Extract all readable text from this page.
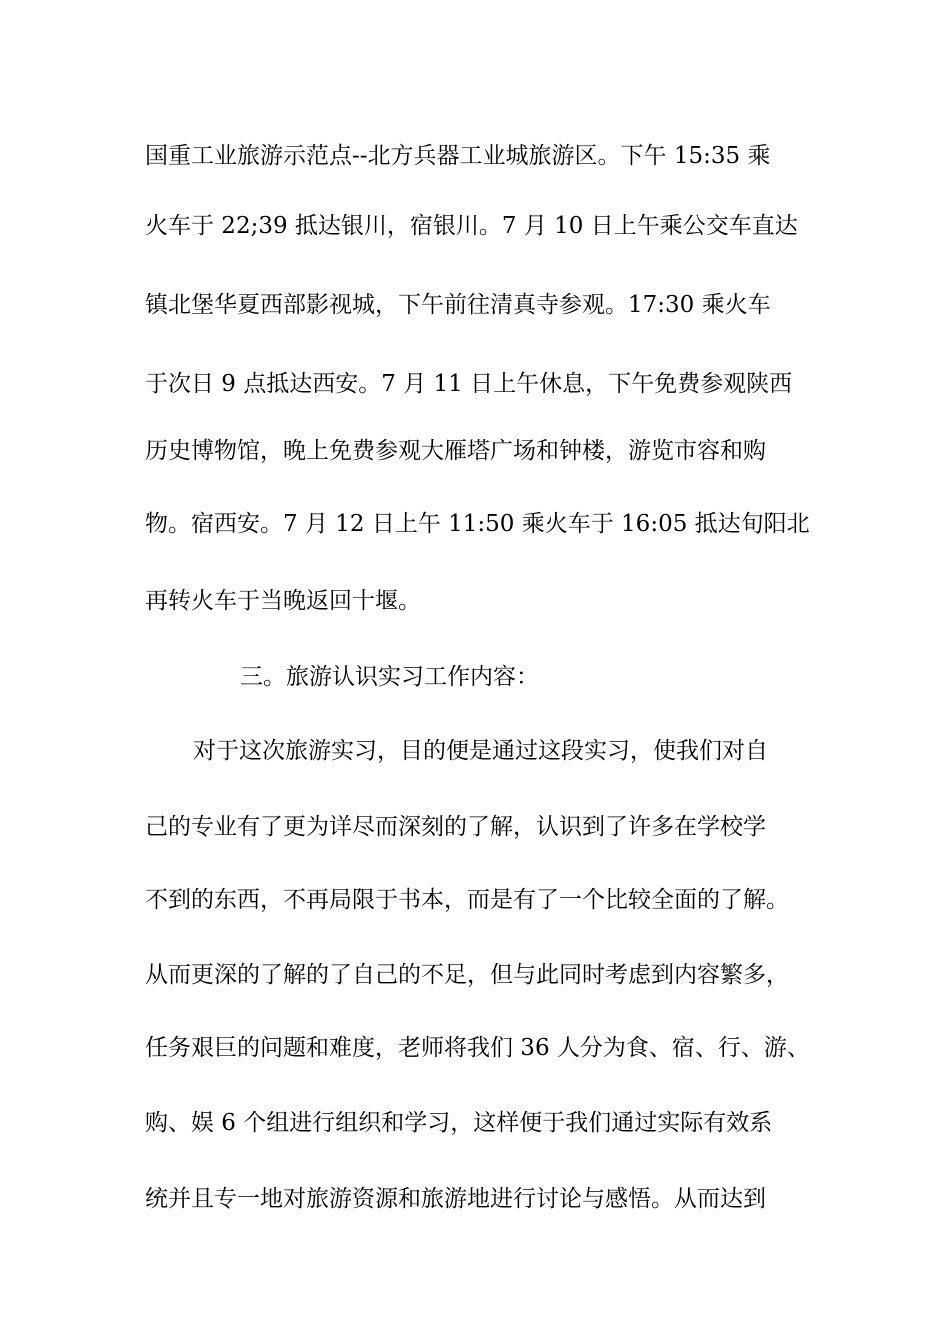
国重工业旅游示范点--北方兵器工业城旅游区。下午 15:35 乘
火车于 22;39 抵达银川，宿银川。7 月 10 日上午乘公交车直达
镇北堡华夏西部影视城，下午前往清真寺参观。17:30 乘火车
于次日 9 点抵达西安。7 月 11 日上午休息，下午免费参观陕西
历史博物馆，晚上免费参观大雁塔广场和钟楼，游览市容和购
物。宿西安。7 月 12 日上午 11:50 乘火车于 16:05 抵达旬阳北
再转火车于当晚返回十堰。
三。旅游认识实习工作内容：
对于这次旅游实习，目的便是通过这段实习，使我们对自
己的专业有了更为详尽而深刻的了解，认识到了许多在学校学
不到的东西，不再局限于书本，而是有了一个比较全面的了解。
从而更深的了解的了自己的不足，但与此同时考虑到内容繁多，
任务艰巨的问题和难度，老师将我们 36 人分为食、宿、行、游、
购、娱 6 个组进行组织和学习，这样便于我们通过实际有效系
统并且专一地对旅游资源和旅游地进行讨论与感悟。从而达到
